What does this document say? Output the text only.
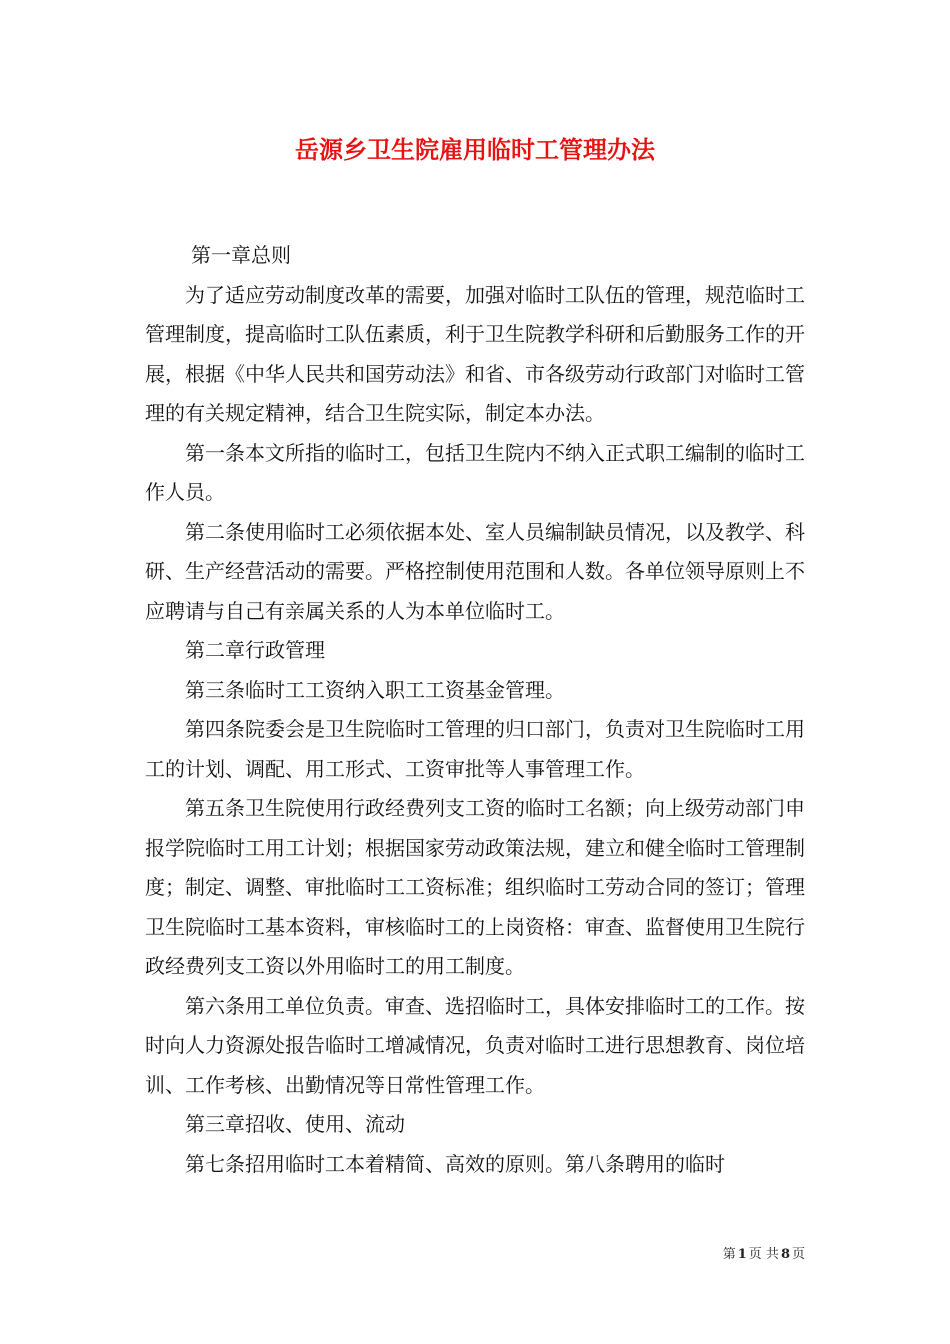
岳源乡卫生院雇用临时工管理办法

第一章总则

为了适应劳动制度改革的需要，加强对临时工队伍的管理，规范临时工管理制度，提高临时工队伍素质，利于卫生院教学科研和后勤服务工作的开展，根据《中华人民共和国劳动法》和省、市各级劳动行政部门对临时工管理的有关规定精神，结合卫生院实际，制定本办法。

第一条本文所指的临时工，包括卫生院内不纳入正式职工编制的临时工作人员。

第二条使用临时工必须依据本处、室人员编制缺员情况，以及教学、科研、生产经营活动的需要。严格控制使用范围和人数。各单位领导原则上不应聘请与自己有亲属关系的人为本单位临时工。

第二章行政管理

第三条临时工工资纳入职工工资基金管理。

第四条院委会是卫生院临时工管理的归口部门，负责对卫生院临时工用工的计划、调配、用工形式、工资审批等人事管理工作。

第五条卫生院使用行政经费列支工资的临时工名额；向上级劳动部门申报学院临时工用工计划；根据国家劳动政策法规，建立和健全临时工管理制度；制定、调整、审批临时工工资标准；组织临时工劳动合同的签订；管理卫生院临时工基本资料，审核临时工的上岗资格：审查、监督使用卫生院行政经费列支工资以外用临时工的用工制度。

第六条用工单位负责。审查、选招临时工，具体安排临时工的工作。按时向人力资源处报告临时工增减情况，负责对临时工进行思想教育、岗位培训、工作考核、出勤情况等日常性管理工作。

第三章招收、使用、流动

第七条招用临时工本着精简、高效的原则。第八条聘用的临时

第 1 页 共 8 页
